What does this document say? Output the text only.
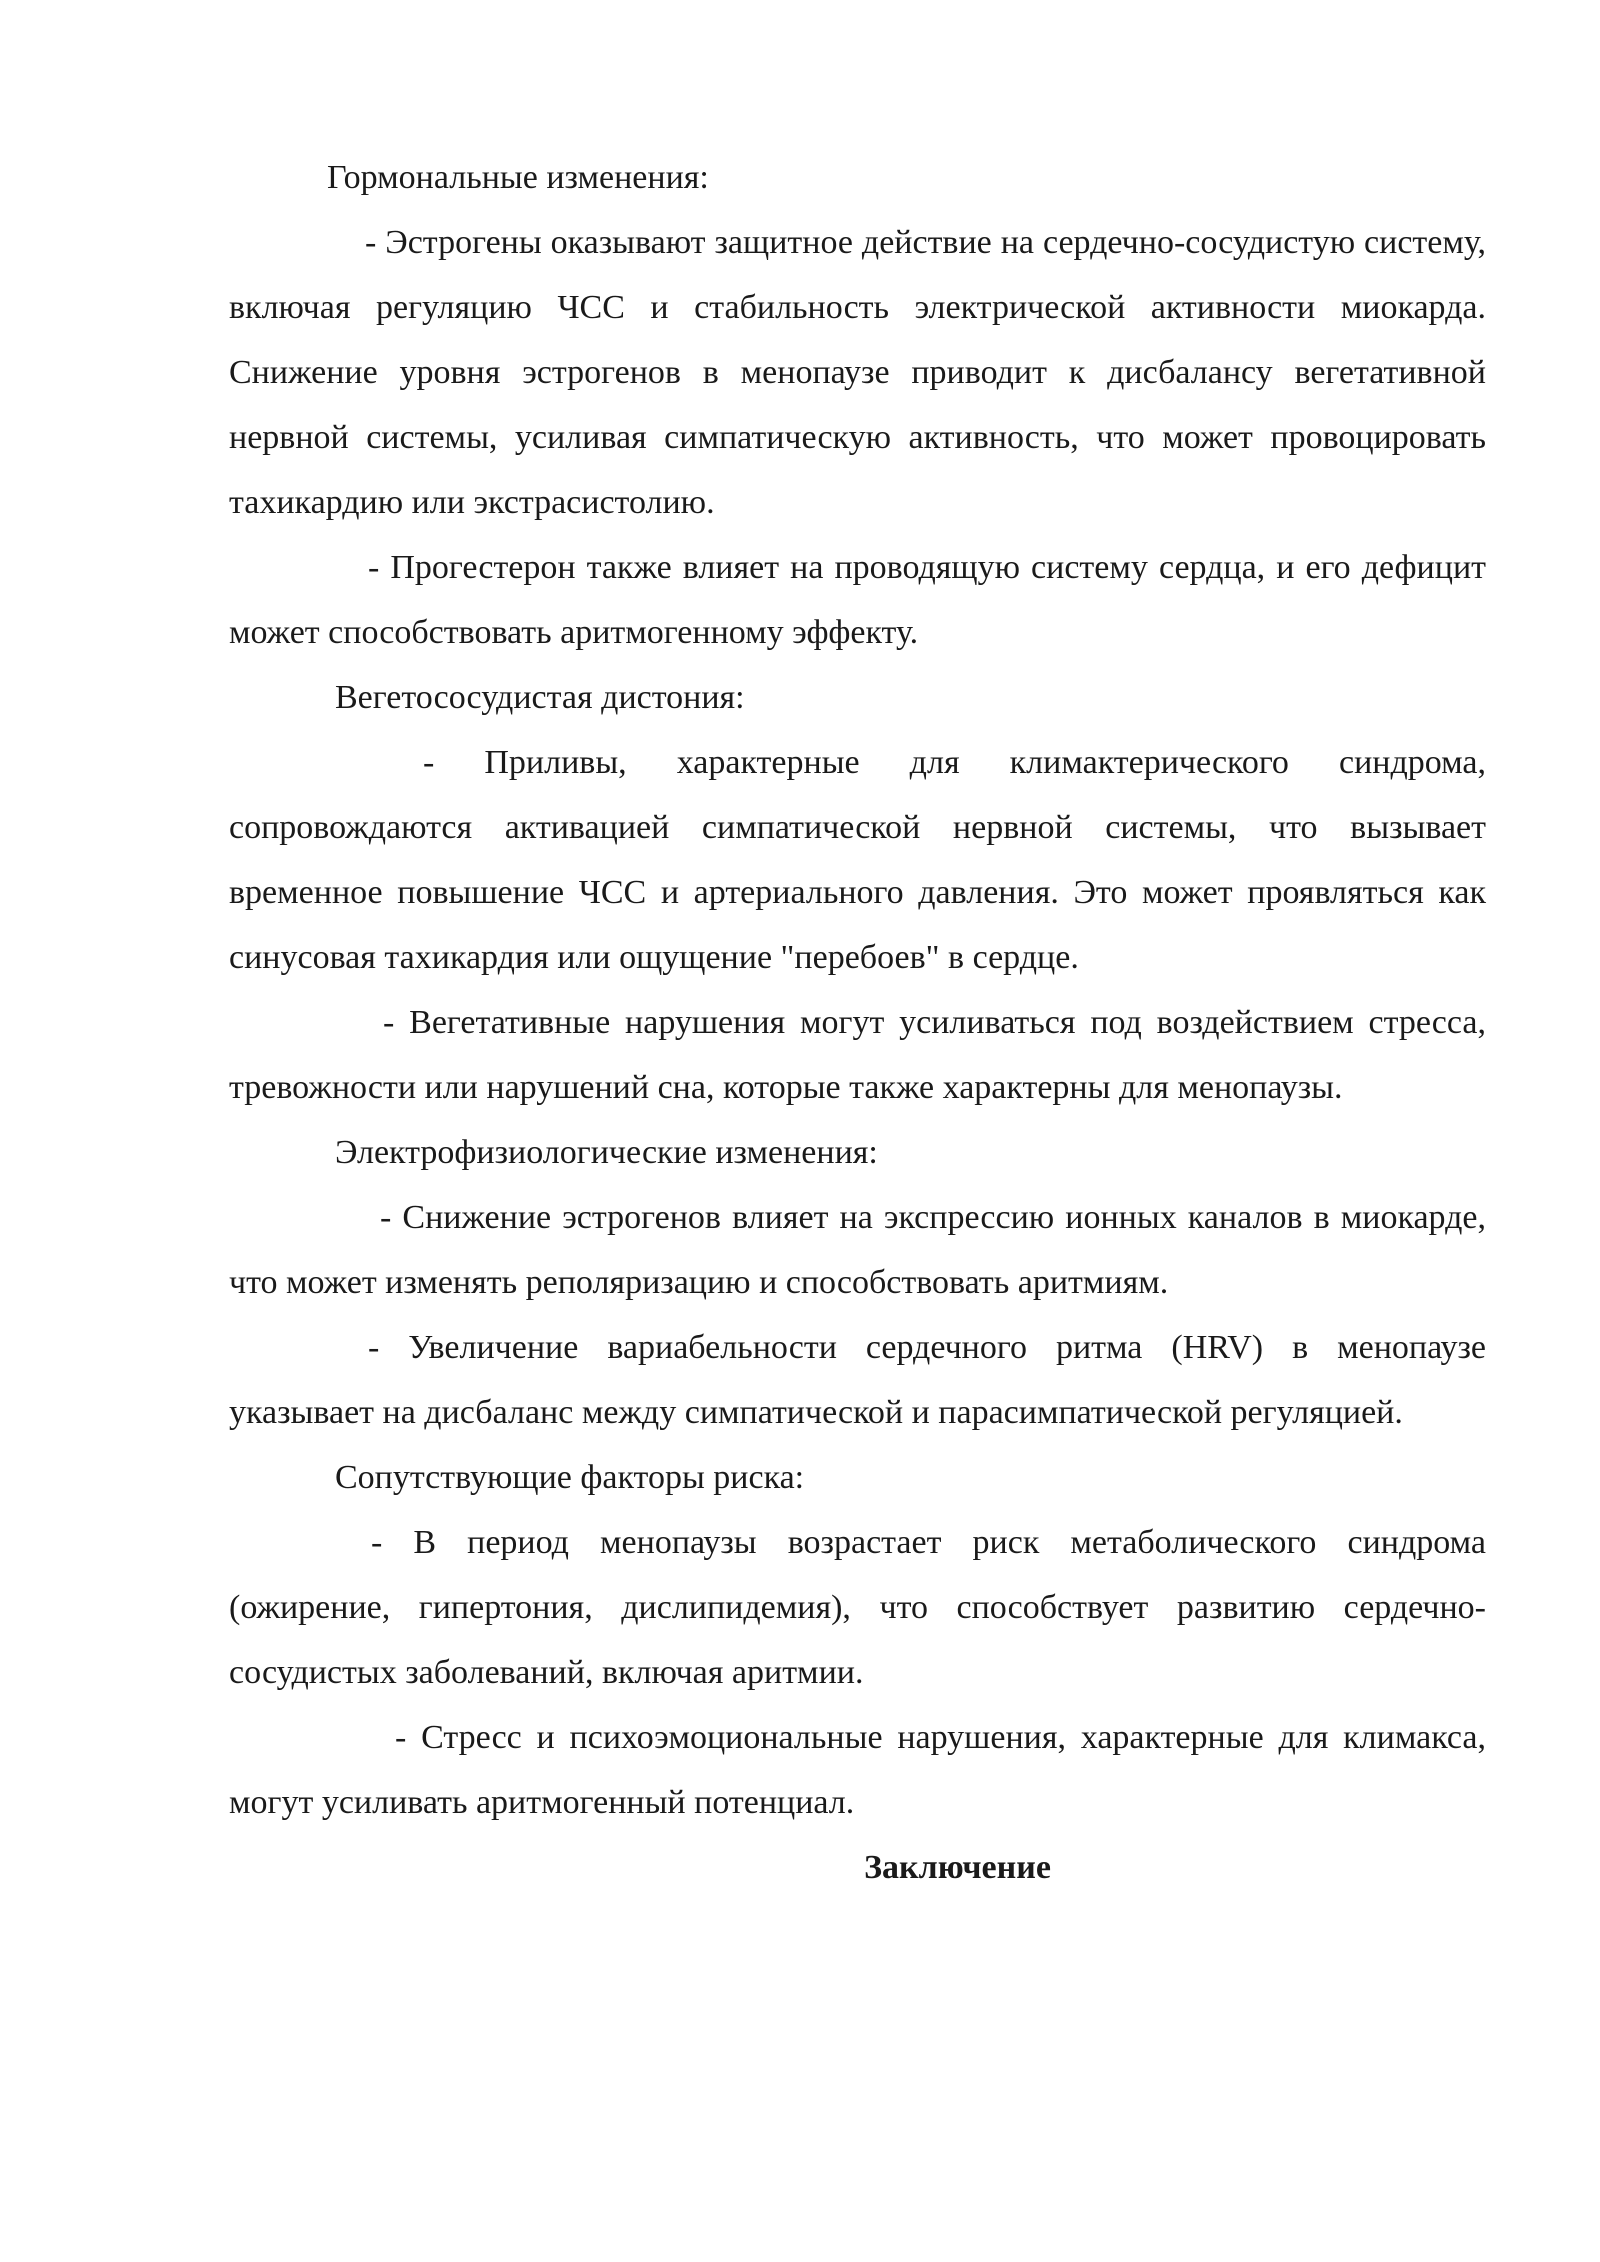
Гормональные изменения:

- Эстрогены оказывают защитное действие на сердечно-сосудистую систему, включая регуляцию ЧСС и стабильность электрической активности миокарда. Снижение уровня эстрогенов в менопаузе приводит к дисбалансу вегетативной нервной системы, усиливая симпатическую активность, что может провоцировать тахикардию или экстрасистолию.

- Прогестерон также влияет на проводящую систему сердца, и его дефицит может способствовать аритмогенному эффекту.

Вегетососудистая дистония:

- Приливы, характерные для климактерического синдрома, сопровождаются активацией симпатической нервной системы, что вызывает временное повышение ЧСС и артериального давления. Это может проявляться как синусовая тахикардия или ощущение "перебоев" в сердце.

- Вегетативные нарушения могут усиливаться под воздействием стресса, тревожности или нарушений сна, которые также характерны для менопаузы.

Электрофизиологические изменения:

- Снижение эстрогенов влияет на экспрессию ионных каналов в миокарде, что может изменять реполяризацию и способствовать аритмиям.

- Увеличение вариабельности сердечного ритма (HRV) в менопаузе указывает на дисбаланс между симпатической и парасимпатической регуляцией.

Сопутствующие факторы риска:

- В период менопаузы возрастает риск метаболического синдрома (ожирение, гипертония, дислипидемия), что способствует развитию сердечно-сосудистых заболеваний, включая аритмии.

- Стресс и психоэмоциональные нарушения, характерные для климакса, могут усиливать аритмогенный потенциал.

Заключение
